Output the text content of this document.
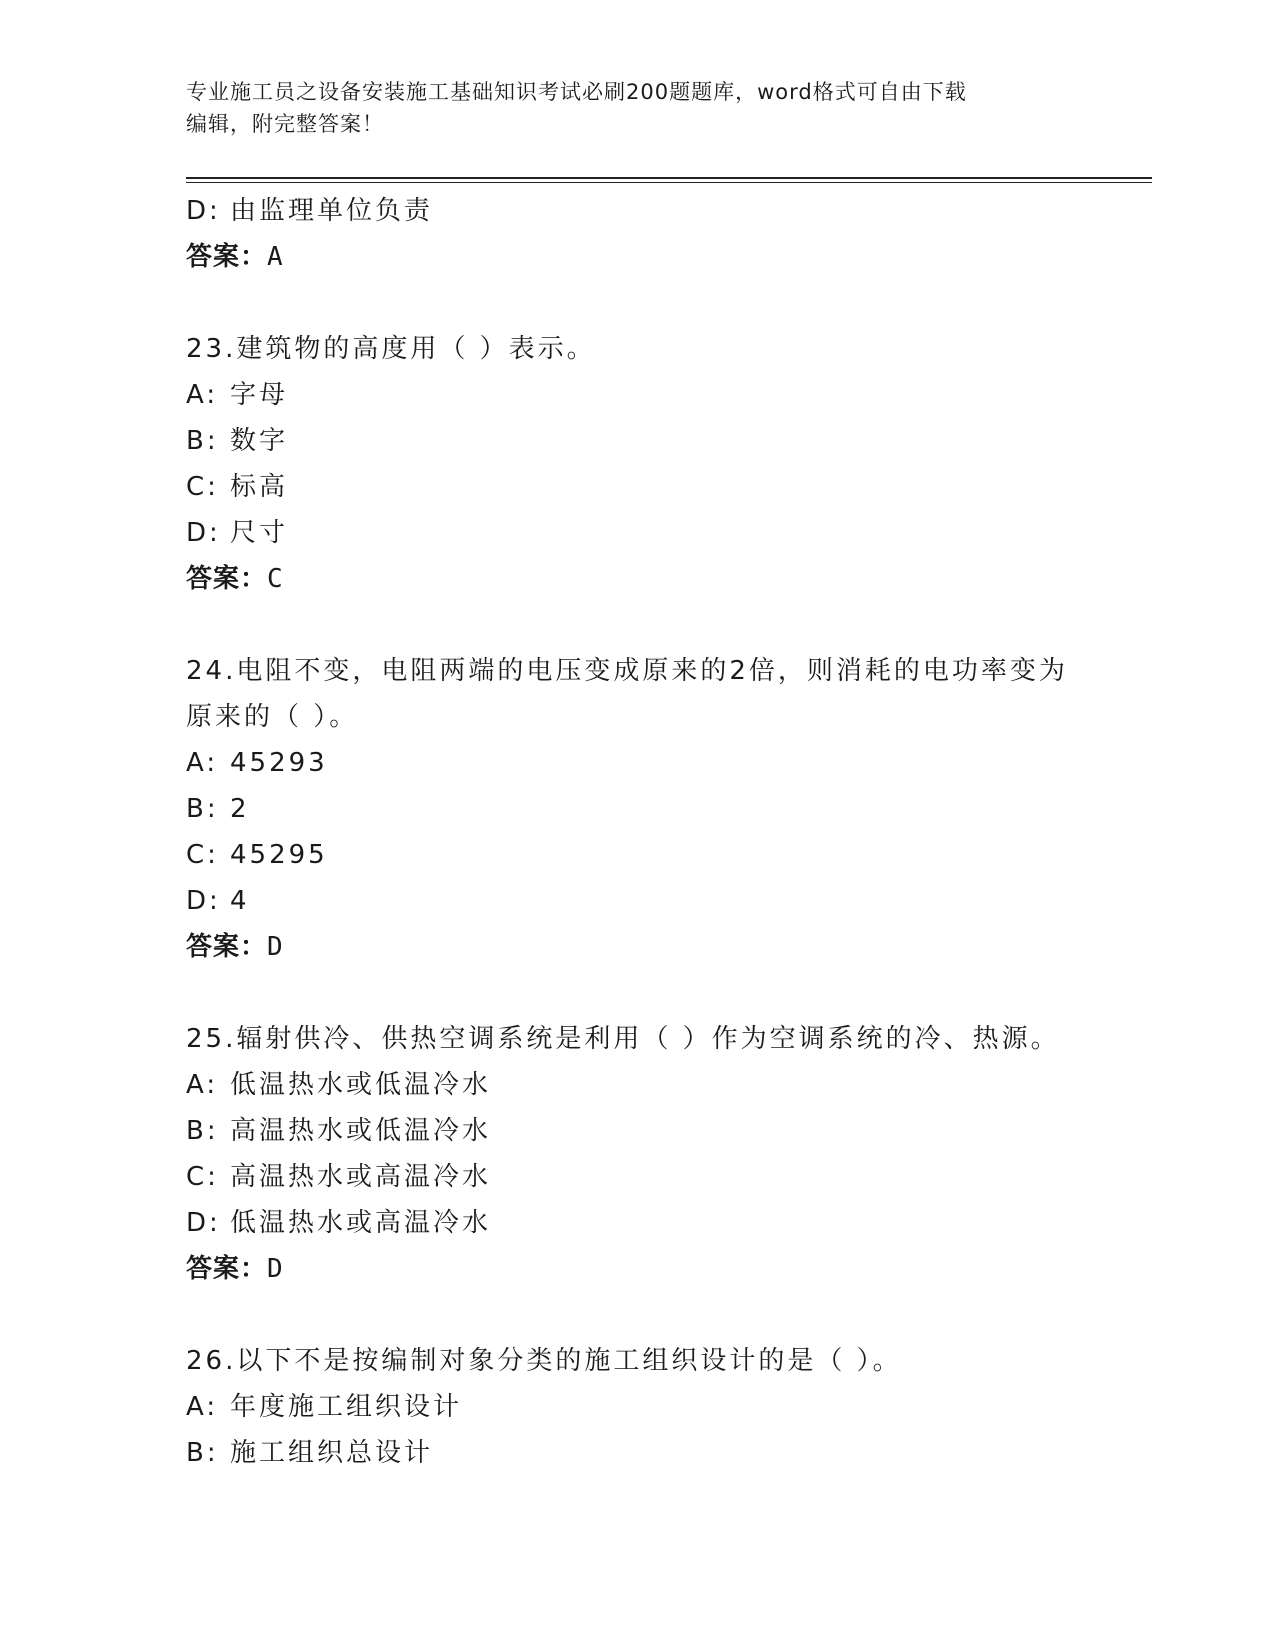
专业施工员之设备安装施工基础知识考试必刷200题题库，word格式可自由下载
编辑，附完整答案！
D: 由监理单位负责
答案：A
23.建筑物的高度用（ ）表示。
A: 字母
B: 数字
C: 标高
D: 尺寸
答案：C
24.电阻不变，电阻两端的电压变成原来的2倍，则消耗的电功率变为
原来的（ ）。
A: 45293
B: 2
C: 45295
D: 4
答案：D
25.辐射供冷、供热空调系统是利用（ ）作为空调系统的冷、热源。
A: 低温热水或低温冷水
B: 高温热水或低温冷水
C: 高温热水或高温冷水
D: 低温热水或高温冷水
答案：D
26.以下不是按编制对象分类的施工组织设计的是（ ）。
A: 年度施工组织设计
B: 施工组织总设计
